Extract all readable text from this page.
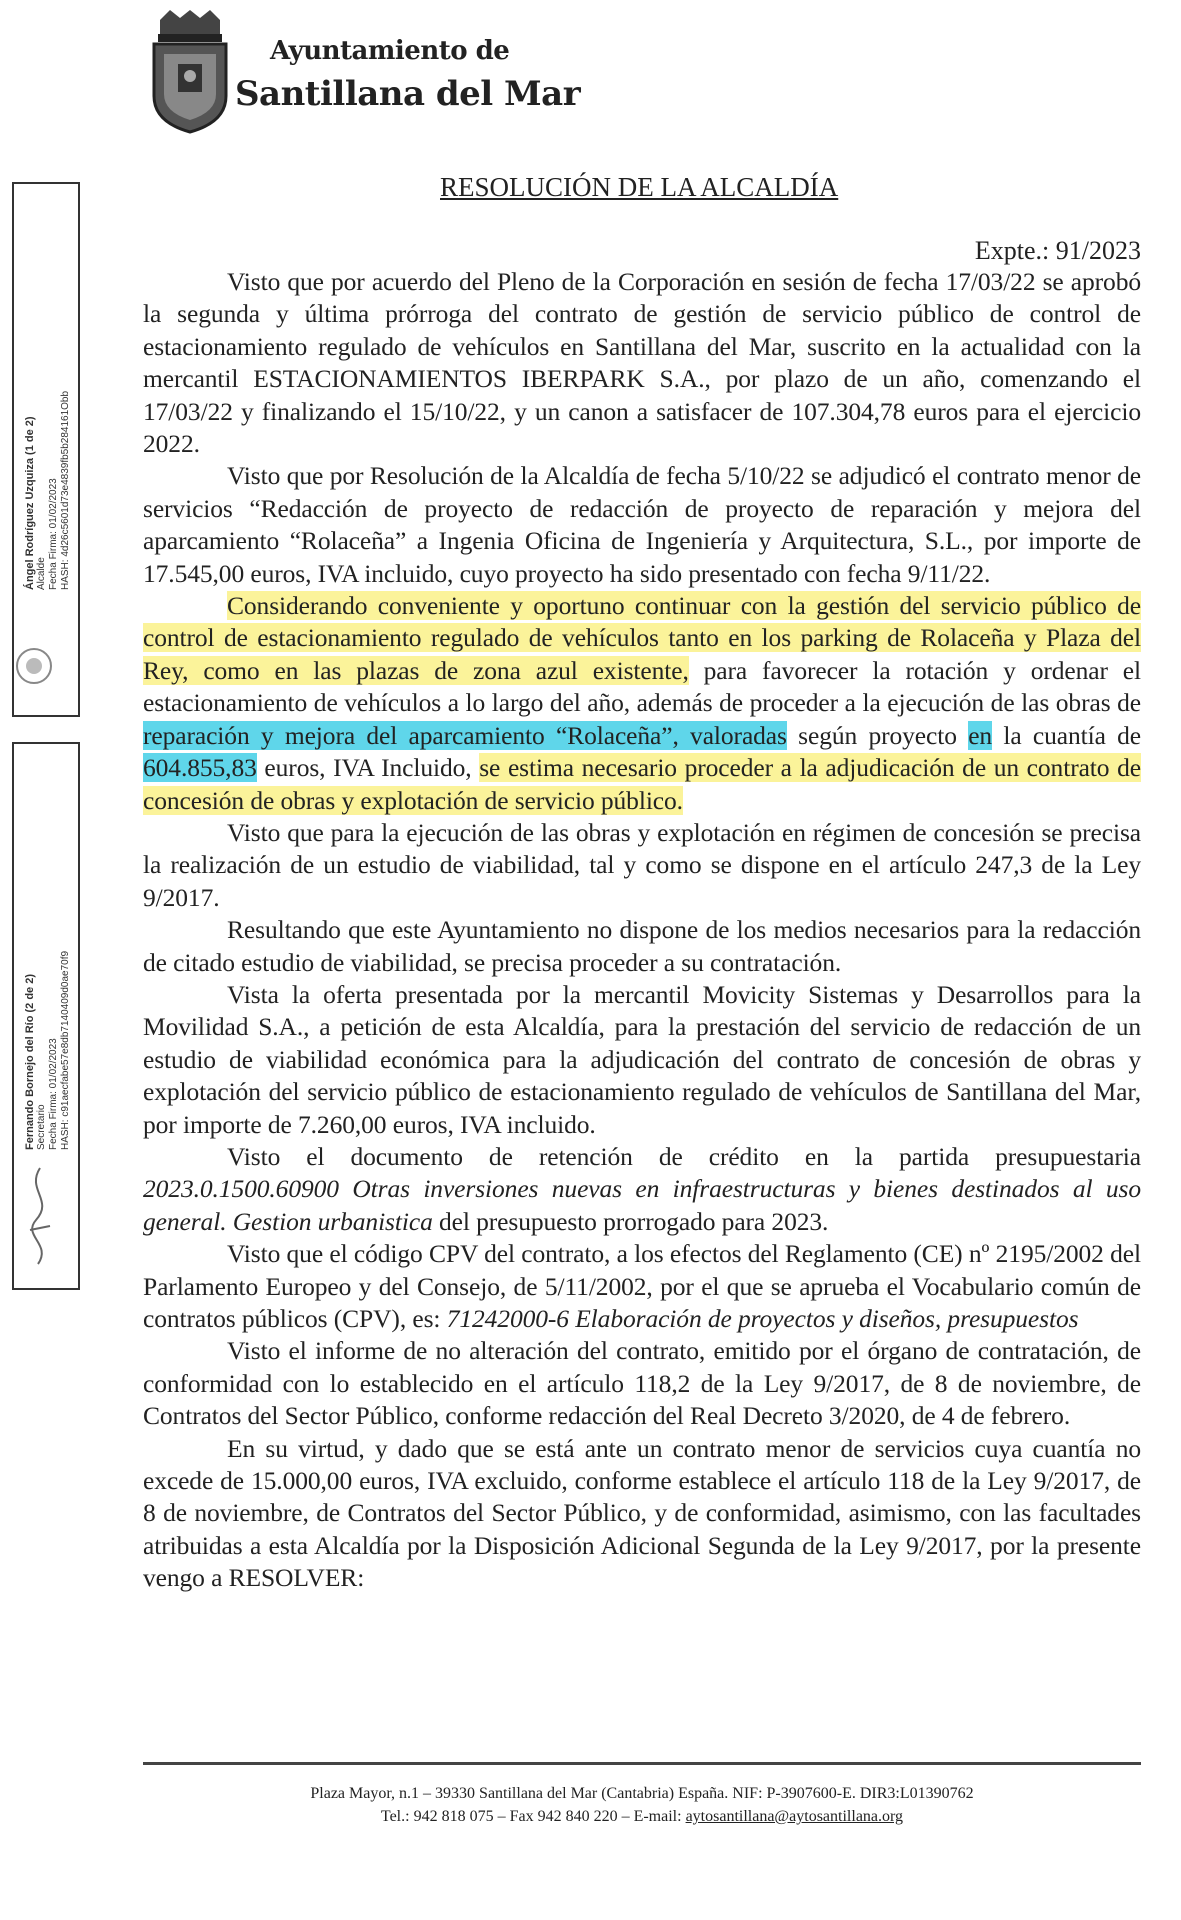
Ayuntamiento de
Santillana del Mar
Ángel Rodríguez Uzquiza (1 de 2) Alcalde Fecha Firma: 01/02/2023 HASH: 4d26c5601d73e4839fb5b284161Obb
Fernando Bornejo del Río (2 de 2) Secretario Fecha Firma: 01/02/2023 HASH: c91aecfabe57e8db7140409d0ae70f9
RESOLUCIÓN DE LA ALCALDÍA
Expte.: 91/2023

Visto que por acuerdo del Pleno de la Corporación en sesión de fecha 17/03/22 se aprobó la segunda y última prórroga del contrato de gestión de servicio público de control de estacionamiento regulado de vehículos en Santillana del Mar, suscrito en la actualidad con la mercantil ESTACIONAMIENTOS IBERPARK S.A., por plazo de un año, comenzando el 17/03/22 y finalizando el 15/10/22, y un canon a satisfacer de 107.304,78 euros para el ejercicio 2022.

Visto que por Resolución de la Alcaldía de fecha 5/10/22 se adjudicó el contrato menor de servicios “Redacción de proyecto de redacción de proyecto de reparación y mejora del aparcamiento “Rolaceña” a Ingenia Oficina de Ingeniería y Arquitectura, S.L., por importe de 17.545,00 euros, IVA incluido, cuyo proyecto ha sido presentado con fecha 9/11/22.

Considerando conveniente y oportuno continuar con la gestión del servicio público de control de estacionamiento regulado de vehículos tanto en los parking de Rolaceña y Plaza del Rey, como en las plazas de zona azul existente, para favorecer la rotación y ordenar el estacionamiento de vehículos a lo largo del año, además de proceder a la ejecución de las obras de reparación y mejora del aparcamiento “Rolaceña”, valoradas según proyecto en la cuantía de 604.855,83 euros, IVA Incluido, se estima necesario proceder a la adjudicación de un contrato de concesión de obras y explotación de servicio público.

Visto que para la ejecución de las obras y explotación en régimen de concesión se precisa la realización de un estudio de viabilidad, tal y como se dispone en el artículo 247,3 de la Ley 9/2017.

Resultando que este Ayuntamiento no dispone de los medios necesarios para la redacción de citado estudio de viabilidad, se precisa proceder a su contratación.

Vista la oferta presentada por la mercantil Movicity Sistemas y Desarrollos para la Movilidad S.A., a petición de esta Alcaldía, para la prestación del servicio de redacción de un estudio de viabilidad económica para la adjudicación del contrato de concesión de obras y explotación del servicio público de estacionamiento regulado de vehículos de Santillana del Mar, por importe de 7.260,00 euros, IVA incluido.

Visto el documento de retención de crédito en la partida presupuestaria 2023.0.1500.60900 Otras inversiones nuevas en infraestructuras y bienes destinados al uso general. Gestion urbanistica del presupuesto prorrogado para 2023.

Visto que el código CPV del contrato, a los efectos del Reglamento (CE) nº 2195/2002 del Parlamento Europeo y del Consejo, de 5/11/2002, por el que se aprueba el Vocabulario común de contratos públicos (CPV), es: 71242000-6 Elaboración de proyectos y diseños, presupuestos

Visto el informe de no alteración del contrato, emitido por el órgano de contratación, de conformidad con lo establecido en el artículo 118,2 de la Ley 9/2017, de 8 de noviembre, de Contratos del Sector Público, conforme redacción del Real Decreto 3/2020, de 4 de febrero.

En su virtud, y dado que se está ante un contrato menor de servicios cuya cuantía no excede de 15.000,00 euros, IVA excluido, conforme establece el artículo 118 de la Ley 9/2017, de 8 de noviembre, de Contratos del Sector Público, y de conformidad, asimismo, con las facultades atribuidas a esta Alcaldía por la Disposición Adicional Segunda de la Ley 9/2017, por la presente vengo a RESOLVER:

Plaza Mayor, n.1 – 39330 Santillana del Mar (Cantabria) España. NIF: P-3907600-E. DIR3:L01390762
Tel.: 942 818 075 – Fax 942 840 220 – E-mail: aytosantillana@aytosantillana.org
